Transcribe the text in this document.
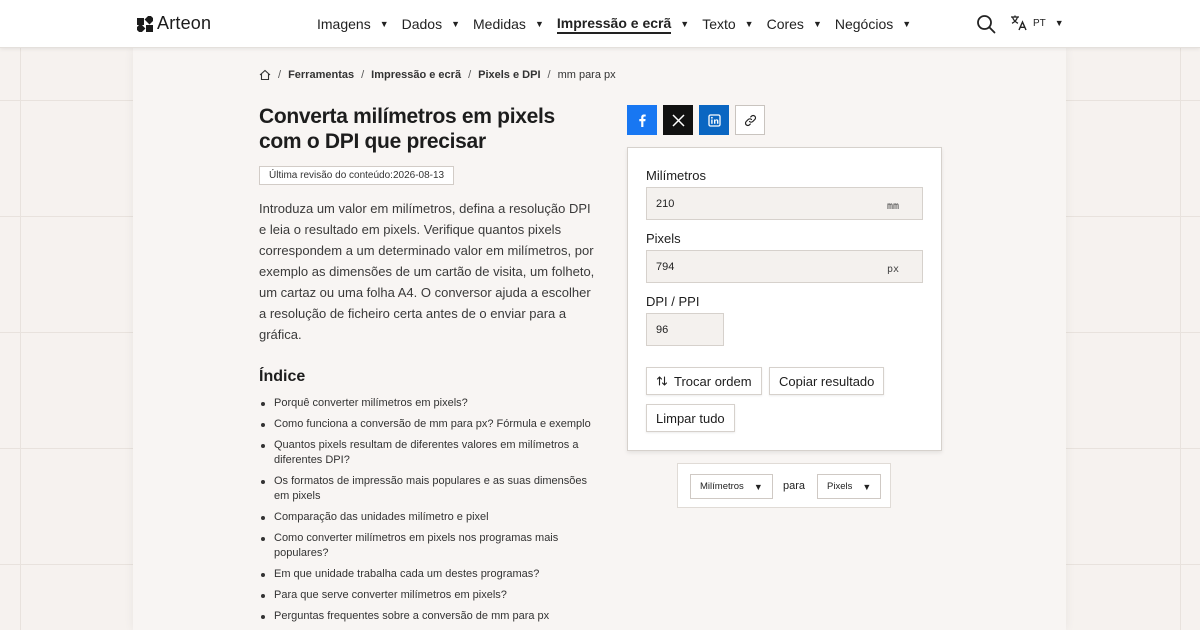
Arteon	Imagens ▼ Dados ▼ Medidas ▼ Impressão e ecrã ▼ Texto ▼ Cores ▼ Negócios ▼	PT ▼
/ Ferramentas / Impressão e ecrã / Pixels e DPI / mm para px
Converta milímetros em pixels com o DPI que precisar
Última revisão do conteúdo:2026-08-13

Introduza um valor em milímetros, defina a resolução DPI e leia o resultado em pixels. Verifique quantos pixels correspondem a um determinado valor em milímetros, por exemplo as dimensões de um cartão de visita, um folheto, um cartaz ou uma folha A4. O conversor ajuda a escolher a resolução de ficheiro certa antes de o enviar para a gráfica.

Índice
Porquê converter milímetros em pixels?
Como funciona a conversão de mm para px? Fórmula e exemplo
Quantos pixels resultam de diferentes valores em milímetros a diferentes DPI?
Os formatos de impressão mais populares e as suas dimensões em pixels
Comparação das unidades milímetro e pixel
Como converter milímetros em pixels nos programas mais populares?
Em que unidade trabalha cada um destes programas?
Para que serve converter milímetros em pixels?
Perguntas frequentes sobre a conversão de mm para px
Milímetros
210
mm
Pixels
794
px
DPI / PPI
96
Trocar ordem Copiar resultado
Limpar tudo
Milímetros ▼ para Pixels ▼
